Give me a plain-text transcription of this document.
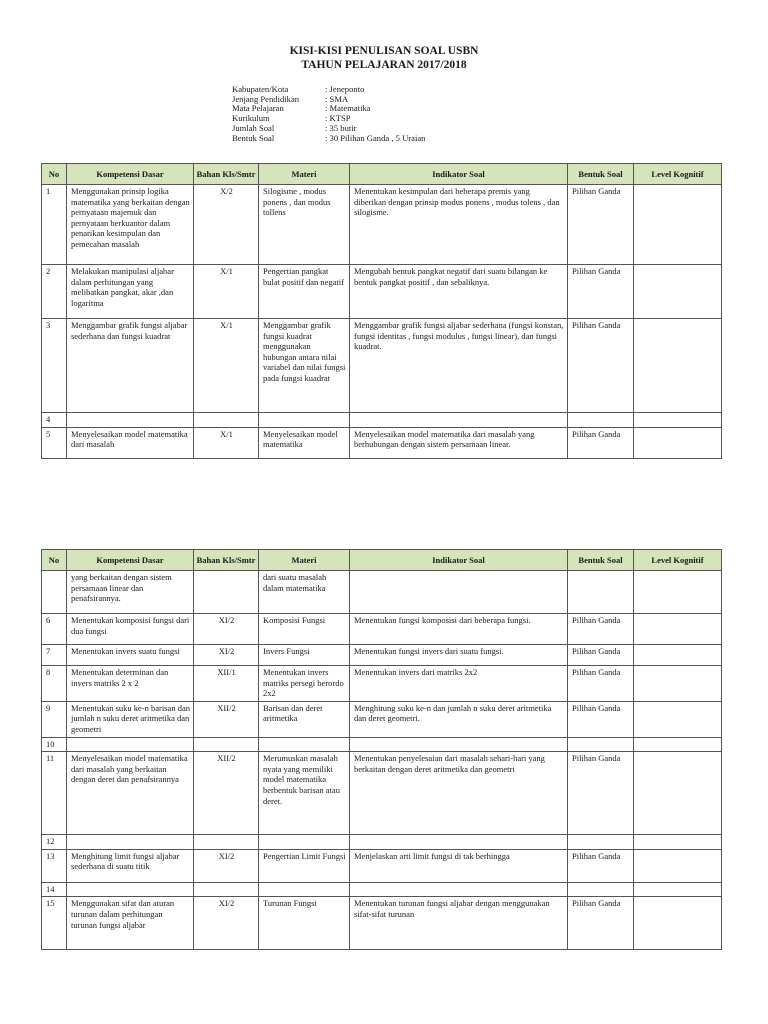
KISI-KISI PENULISAN SOAL USBN
TAHUN PELAJARAN 2017/2018
Kabupaten/Kota	: Jeneponto
Jenjang Pendidikan	: SMA
Mata Pelajaran	: Matematika
Kurikulum	: KTSP
Jumlah Soal	: 35 butir
Bentuk Soal	: 30 Pilihan Ganda , 5 Uraian
No	Kompetensi Dasar	Bahan Kls/Smtr	Materi	Indikator Soal	Bentuk Soal	Level Kognitif
1	Menggunakan prinsip logika matematika yang berkaitan dengan pernyataan majemuk dan pernyataan berkuantor dalam penarikan kesimpulan dan pemecahan masalah	X/2	Silogisme , modus ponens , dan modus tollens	Menentukan kesimpulan dari beberapa premis yang diberikan dengan prinsip modus ponens , modus tolens , dan silogisme.	Pilihan Ganda	
2	Melakukan manipulasi aljabar dalam perhitungan yang melibatkan pangkat, akar ,dan logaritma	X/1	Pengertian pangkat bulat positif dan negatif	Mengubah bentuk pangkat negatif dari suatu bilangan ke bentuk pangkat positif , dan sebaliknya.	Pilihan Ganda	
3	Menggambar grafik fungsi aljabar sederhana dan fungsi kuadrat	X/1	Menggambar grafik fungsi kuadrat menggunakan hubungan antara nilai variabel dan nilai fungsi pada fungsi kuadrat	Menggambar grafik fungsi aljabar sederhana (fungsi konstan, fungsi identitas , fungsi modulus , fungsi linear), dan fungsi kuadrat.	Pilihan Ganda	
4						
5	Menyelesaikan model matematika dari masalah	X/1	Menyelesaikan model matematika	Menyelesaikan model matematika dari masalah yang berhubungan dengan sistem persamaan linear.	Pilihan Ganda	
No	Kompetensi Dasar	Bahan Kls/Smtr	Materi	Indikator Soal	Bentuk Soal	Level Kognitif
	yang berkaitan dengan sistem persamaan linear dan penafsirannya.		dari suatu masalah dalam matematika			
6	Menentukan komposisi fungsi dari dua fungsi	XI/2	Komposisi Fungsi	Menentukan fungsi komposisi dari beberapa fungsi.	Pilihan Ganda	
7	Menentukan invers suatu fungsi	XI/2	Invers Fungsi	Menentukan fungsi invers dari suatu fungsi.	Pilihan Ganda	
8	Menentukan determinan dan invers matriks 2 x 2	XII/1	Menentukan invers matriks persegi berordo 2x2	Menentukan invers dari matriks 2x2	Pilihan Ganda	
9	Menentukan suku ke-n barisan dan jumlah n suku deret aritmetika dan geometri	XII/2	Barisan dan deret aritmetika	Menghitung suku ke-n dan jumlah n suku deret aritmetika dan deret geometri.	Pilihan Ganda	
10						
11	Menyelesaikan model matematika dari masalah yang berkaitan dengan deret dan penafsirannya	XII/2	Merumuskan masalah nyata yang memiliki model matematika berbentuk barisan atau deret.	Menentukan penyelesaian dari masalah sehari-hari yang berkaitan dengan deret aritmetika dan geometri	Pilihan Ganda	
12						
13	Menghitung limit fungsi aljabar sederhana di suatu titik	XI/2	Pengertian Limit Fungsi	Menjelaskan arti limit fungsi di tak berhingga	Pilihan Ganda	
14						
15	Menggunakan sifat dan aturan turunan dalam perhitungan turunan fungsi aljabar	XI/2	Turunan Fungsi	Menentukan turunan fungsi aljabar dengan menggunakan sifat-sifat turunan	Pilihan Ganda	
